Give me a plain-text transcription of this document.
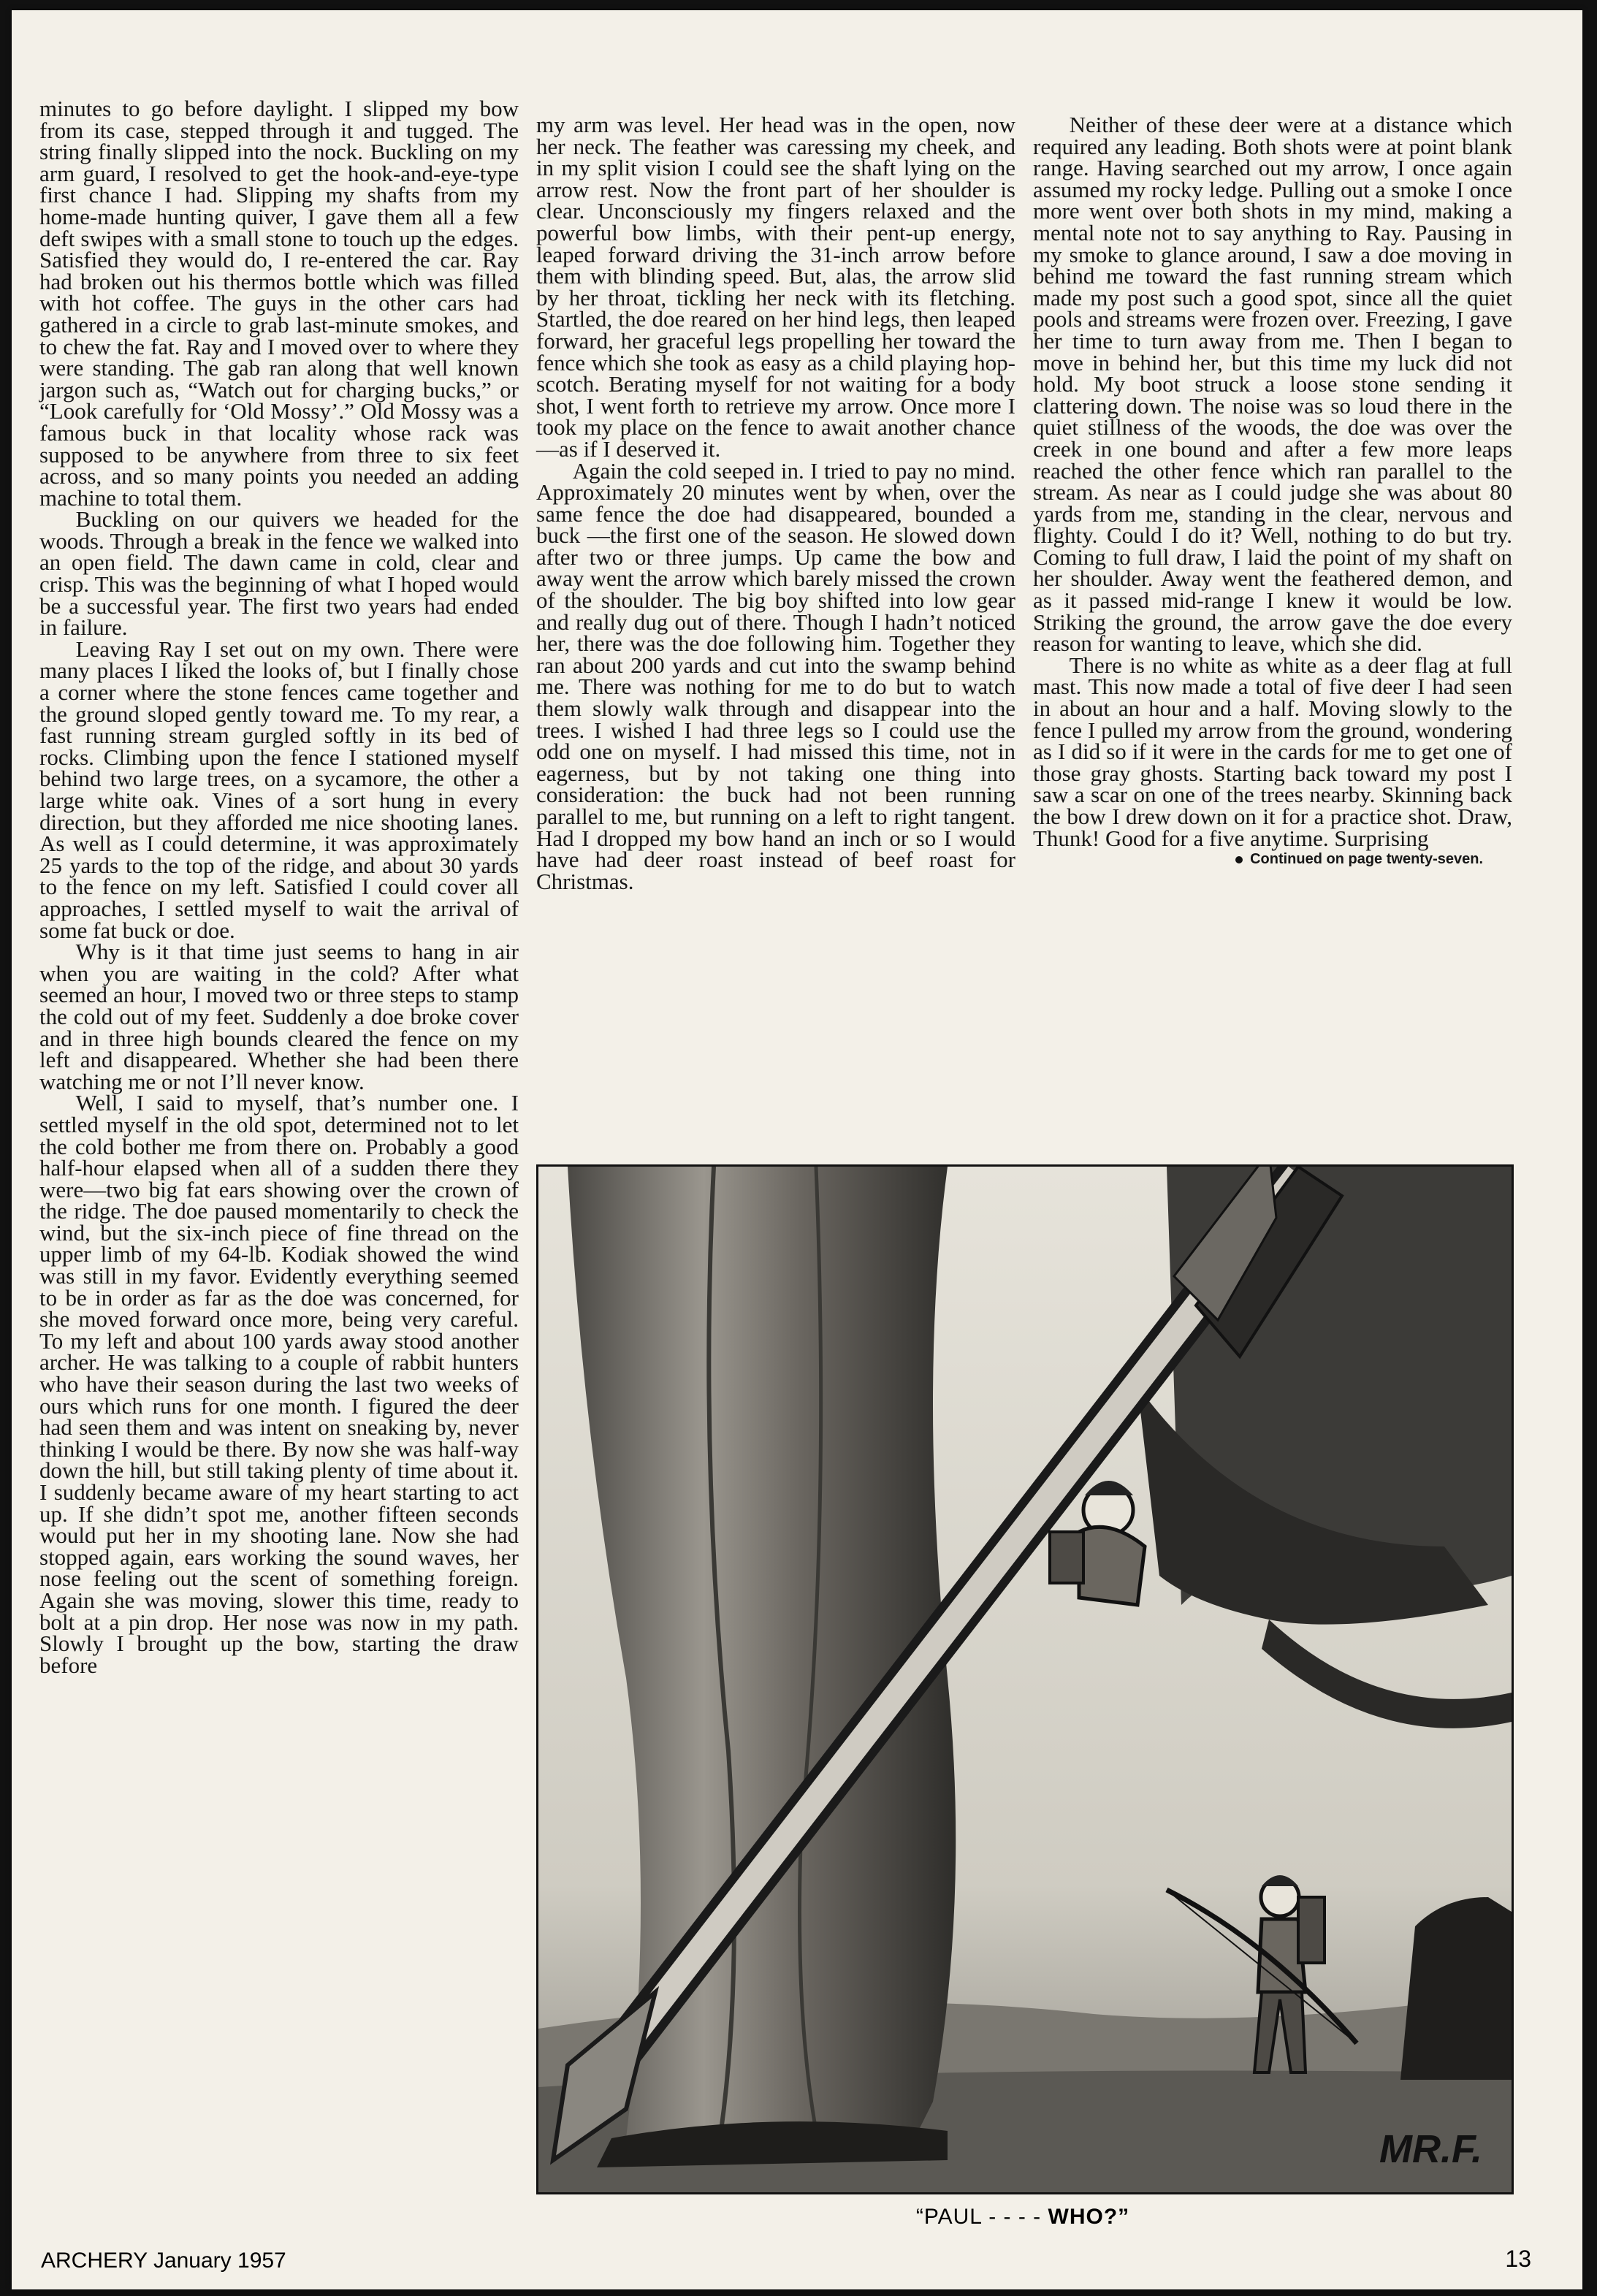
minutes to go before daylight. I slipped my bow from its case, stepped through it and tugged. The string finally slipped into the nock. Buckling on my arm guard, I resolved to get the hook-and-eye-type first chance I had. Slipping my shafts from my home-made hunting quiver, I gave them all a few deft swipes with a small stone to touch up the edges. Satisfied they would do, I re-entered the car. Ray had broken out his thermos bottle which was filled with hot coffee. The guys in the other cars had gathered in a circle to grab last-minute smokes, and to chew the fat. Ray and I moved over to where they were standing. The gab ran along that well known jargon such as, “Watch out for charging bucks,” or “Look carefully for ‘Old Mossy’.” Old Mossy was a famous buck in that locality whose rack was supposed to be anywhere from three to six feet across, and so many points you needed an adding machine to total them.

Buckling on our quivers we headed for the woods. Through a break in the fence we walked into an open field. The dawn came in cold, clear and crisp. This was the beginning of what I hoped would be a successful year. The first two years had ended in failure.

Leaving Ray I set out on my own. There were many places I liked the looks of, but I finally chose a corner where the stone fences came together and the ground sloped gently toward me. To my rear, a fast running stream gurgled softly in its bed of rocks. Climbing upon the fence I stationed myself behind two large trees, on a sycamore, the other a large white oak. Vines of a sort hung in every direction, but they afforded me nice shooting lanes. As well as I could determine, it was approximately 25 yards to the top of the ridge, and about 30 yards to the fence on my left. Satisfied I could cover all approaches, I settled myself to wait the arrival of some fat buck or doe.

Why is it that time just seems to hang in air when you are waiting in the cold? After what seemed an hour, I moved two or three steps to stamp the cold out of my feet. Suddenly a doe broke cover and in three high bounds cleared the fence on my left and disappeared. Whether she had been there watching me or not I’ll never know.

Well, I said to myself, that’s number one. I settled myself in the old spot, determined not to let the cold bother me from there on. Probably a good half-hour elapsed when all of a sudden there they were—two big fat ears showing over the crown of the ridge. The doe paused momentarily to check the wind, but the six-inch piece of fine thread on the upper limb of my 64-lb. Kodiak showed the wind was still in my favor. Evidently everything seemed to be in order as far as the doe was concerned, for she moved forward once more, being very careful. To my left and about 100 yards away stood another archer. He was talking to a couple of rabbit hunters who have their season during the last two weeks of ours which runs for one month. I figured the deer had seen them and was intent on sneaking by, never thinking I would be there. By now she was half-way down the hill, but still taking plenty of time about it. I suddenly became aware of my heart starting to act up. If she didn’t spot me, another fifteen seconds would put her in my shooting lane. Now she had stopped again, ears working the sound waves, her nose feeling out the scent of something foreign. Again she was moving, slower this time, ready to bolt at a pin drop. Her nose was now in my path. Slowly I brought up the bow, starting the draw before

my arm was level. Her head was in the open, now her neck. The feather was caressing my cheek, and in my split vision I could see the shaft lying on the arrow rest. Now the front part of her shoulder is clear. Unconsciously my fingers relaxed and the powerful bow limbs, with their pent-up energy, leaped forward driving the 31-inch arrow before them with blinding speed. But, alas, the arrow slid by her throat, tickling her neck with its fletching. Startled, the doe reared on her hind legs, then leaped forward, her graceful legs propelling her toward the fence which she took as easy as a child playing hop-scotch. Berating myself for not waiting for a body shot, I went forth to retrieve my arrow. Once more I took my place on the fence to await another chance—as if I deserved it.

Again the cold seeped in. I tried to pay no mind. Approximately 20 minutes went by when, over the same fence the doe had disappeared, bounded a buck —the first one of the season. He slowed down after two or three jumps. Up came the bow and away went the arrow which barely missed the crown of the shoulder. The big boy shifted into low gear and really dug out of there. Though I hadn’t noticed her, there was the doe following him. Together they ran about 200 yards and cut into the swamp behind me. There was nothing for me to do but to watch them slowly walk through and disappear into the trees. I wished I had three legs so I could use the odd one on myself. I had missed this time, not in eagerness, but by not taking one thing into consideration: the buck had not been running parallel to me, but running on a left to right tangent. Had I dropped my bow hand an inch or so I would have had deer roast instead of beef roast for Christmas.

Neither of these deer were at a distance which required any leading. Both shots were at point blank range. Having searched out my arrow, I once again assumed my rocky ledge. Pulling out a smoke I once more went over both shots in my mind, making a mental note not to say anything to Ray. Pausing in my smoke to glance around, I saw a doe moving in behind me toward the fast running stream which made my post such a good spot, since all the quiet pools and streams were frozen over. Freezing, I gave her time to turn away from me. Then I began to move in behind her, but this time my luck did not hold. My boot struck a loose stone sending it clattering down. The noise was so loud there in the quiet stillness of the woods, the doe was over the creek in one bound and after a few more leaps reached the other fence which ran parallel to the stream. As near as I could judge she was about 80 yards from me, standing in the clear, nervous and flighty. Could I do it? Well, nothing to do but try. Coming to full draw, I laid the point of my shaft on her shoulder. Away went the feathered demon, and as it passed mid-range I knew it would be low. Striking the ground, the arrow gave the doe every reason for wanting to leave, which she did.

There is no white as white as a deer flag at full mast. This now made a total of five deer I had seen in about an hour and a half. Moving slowly to the fence I pulled my arrow from the ground, wondering as I did so if it were in the cards for me to get one of those gray ghosts. Starting back toward my post I saw a scar on one of the trees nearby. Skinning back the bow I drew down on it for a practice shot. Draw, Thunk! Good for a five anytime. Surprising

Continued on page twenty-seven.
MR.F.
“PAUL - - - - WHO?”
ARCHERY January 1957	13
